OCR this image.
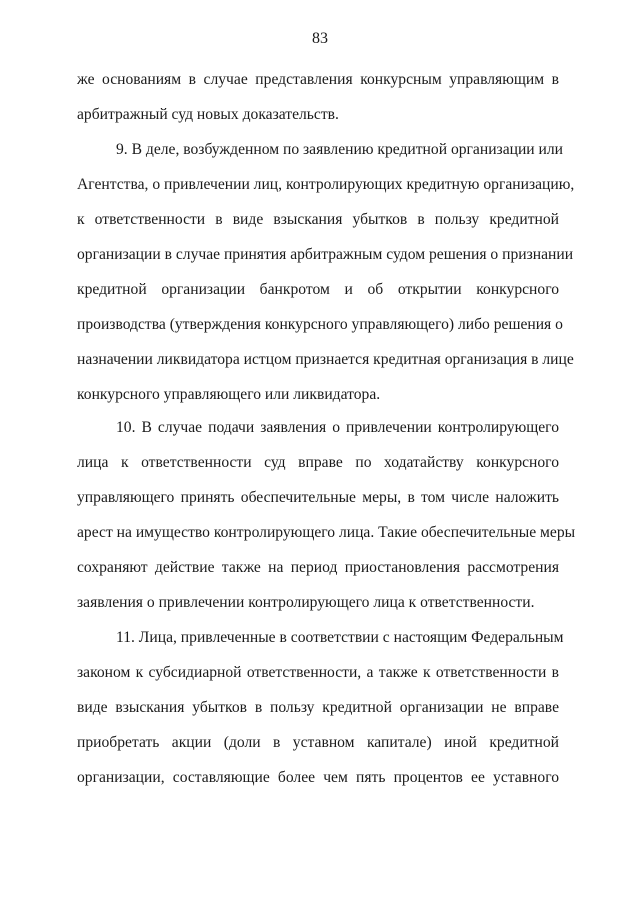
83
же основаниям в случае представления конкурсным управляющим в
арбитражный суд новых доказательств.
9. В деле, возбужденном по заявлению кредитной организации или
Агентства, о привлечении лиц, контролирующих кредитную организацию,
к ответственности в виде взыскания убытков в пользу кредитной
организации в случае принятия арбитражным судом решения о признании
кредитной организации банкротом и об открытии конкурсного
производства (утверждения конкурсного управляющего) либо решения о
назначении ликвидатора истцом признается кредитная организация в лице
конкурсного управляющего или ликвидатора.
10. В случае подачи заявления о привлечении контролирующего
лица к ответственности суд вправе по ходатайству конкурсного
управляющего принять обеспечительные меры, в том числе наложить
арест на имущество контролирующего лица. Такие обеспечительные меры
сохраняют действие также на период приостановления рассмотрения
заявления о привлечении контролирующего лица к ответственности.
11. Лица, привлеченные в соответствии с настоящим Федеральным
законом к субсидиарной ответственности, а также к ответственности в
виде взыскания убытков в пользу кредитной организации не вправе
приобретать акции (доли в уставном капитале) иной кредитной
организации, составляющие более чем пять процентов ее уставного
